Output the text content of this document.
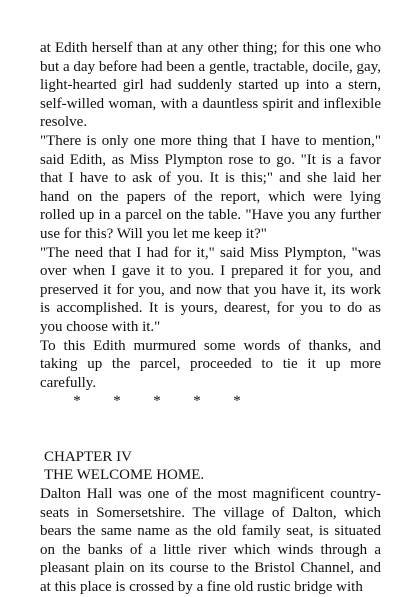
at Edith herself than at any other thing; for this one who but a day before had been a gentle, tractable, docile, gay, light-hearted girl had suddenly started up into a stern, self-willed woman, with a dauntless spirit and inflexible resolve.

"There is only one more thing that I have to mention," said Edith, as Miss Plympton rose to go. "It is a favor that I have to ask of you. It is this;" and she laid her hand on the papers of the report, which were lying rolled up in a parcel on the table. "Have you any further use for this? Will you let me keep it?"

"The need that I had for it," said Miss Plympton, "was over when I gave it to you. I prepared it for you, and preserved it for you, and now that you have it, its work is accomplished. It is yours, dearest, for you to do as you choose with it."

To this Edith murmured some words of thanks, and taking up the parcel, proceeded to tie it up more carefully.

* * * * *

CHAPTER IV

THE WELCOME HOME.

Dalton Hall was one of the most magnificent country-seats in Somersetshire. The village of Dalton, which bears the same name as the old family seat, is situated on the banks of a little river which winds through a pleasant plain on its course to the Bristol Channel, and at this place is crossed by a fine old rustic bridge with
